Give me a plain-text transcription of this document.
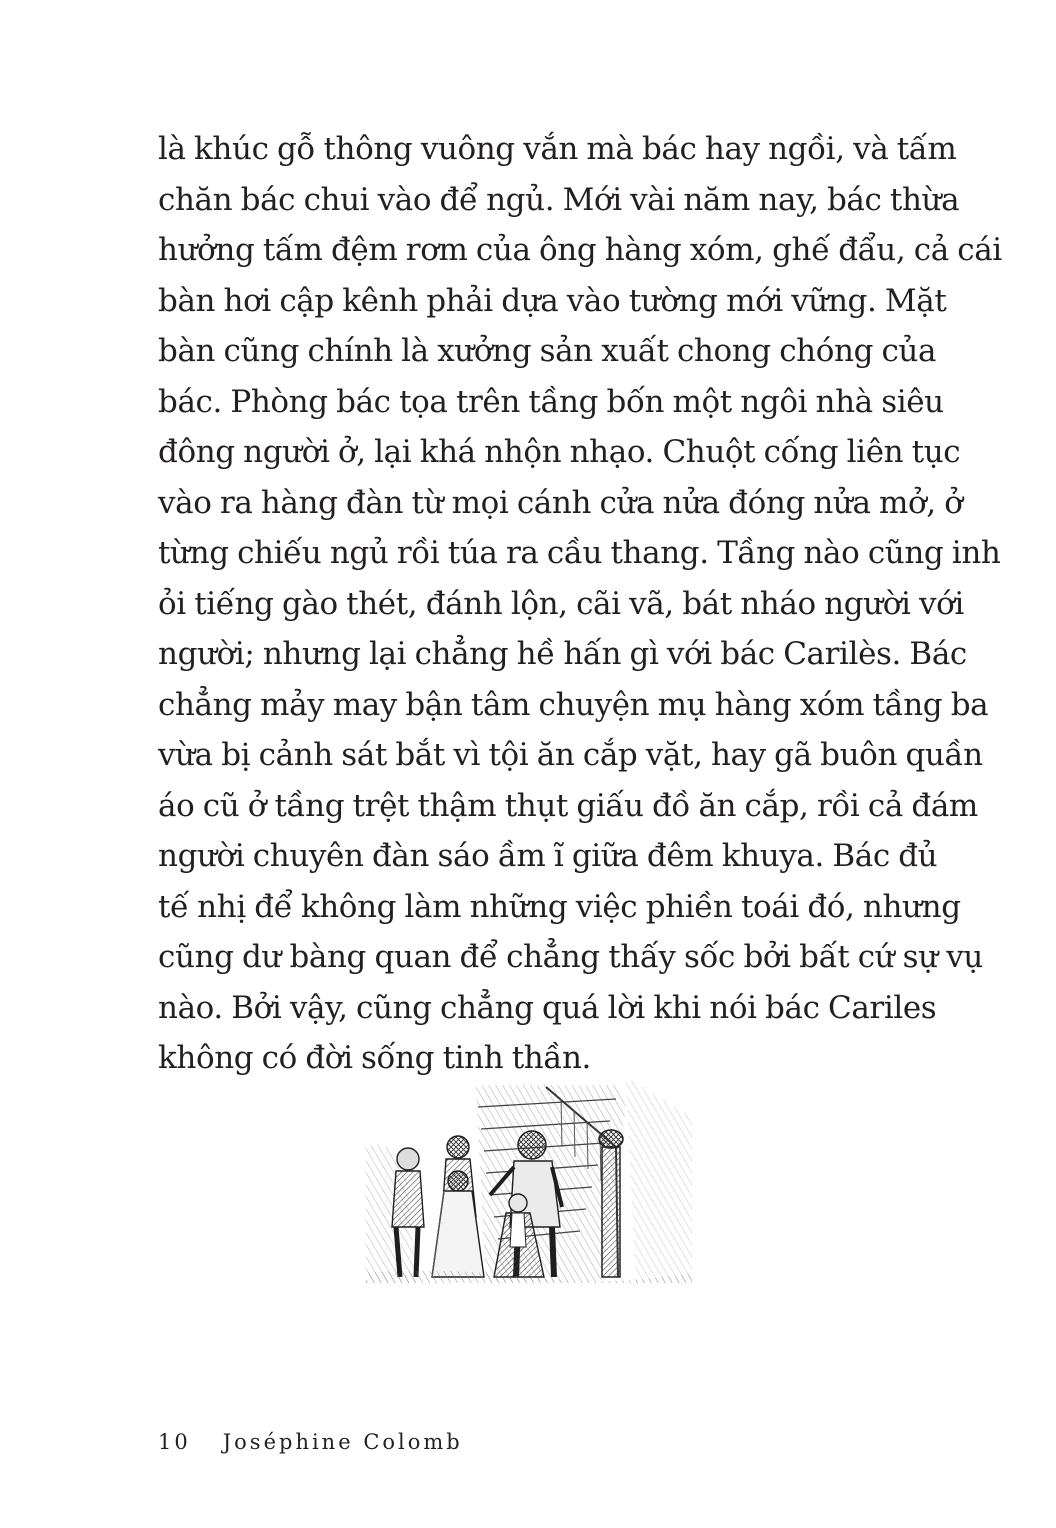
là khúc gỗ thông vuông vắn mà bác hay ngồi, và tấm
chăn bác chui vào để ngủ. Mới vài năm nay, bác thừa
hưởng tấm đệm rơm của ông hàng xóm, ghế đẩu, cả cái
bàn hơi cập kênh phải dựa vào tường mới vững. Mặt
bàn cũng chính là xưởng sản xuất chong chóng của
bác. Phòng bác tọa trên tầng bốn một ngôi nhà siêu
đông người ở, lại khá nhộn nhạo. Chuột cống liên tục
vào ra hàng đàn từ mọi cánh cửa nửa đóng nửa mở, ở
từng chiếu ngủ rồi túa ra cầu thang. Tầng nào cũng inh
ỏi tiếng gào thét, đánh lộn, cãi vã, bát nháo người với
người; nhưng lại chẳng hề hấn gì với bác Carilès. Bác
chẳng mảy may bận tâm chuyện mụ hàng xóm tầng ba
vừa bị cảnh sát bắt vì tội ăn cắp vặt, hay gã buôn quần
áo cũ ở tầng trệt thậm thụt giấu đồ ăn cắp, rồi cả đám
người chuyên đàn sáo ầm ĩ giữa đêm khuya. Bác đủ
tế nhị để không làm những việc phiền toái đó, nhưng
cũng dư bàng quan để chẳng thấy sốc bởi bất cứ sự vụ
nào. Bởi vậy, cũng chẳng quá lời khi nói bác Cariles
không có đời sống tinh thần.
10 Joséphine Colomb
